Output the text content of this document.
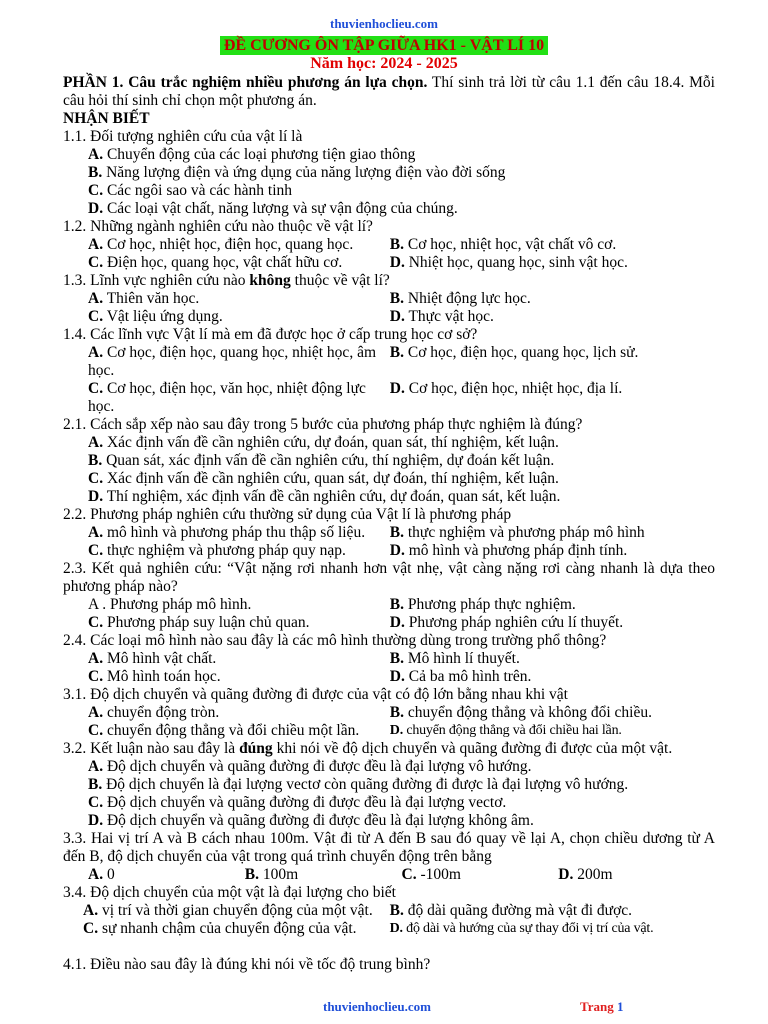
thuvienhoclieu.com
ĐỀ CƯƠNG ÔN TẬP GIỮA HK1 - VẬT LÍ 10
Năm học: 2024 - 2025

PHẦN 1. Câu trắc nghiệm nhiều phương án lựa chọn. Thí sinh trả lời từ câu 1.1 đến câu 18.4. Mỗi câu hỏi thí sinh chỉ chọn một phương án.

NHẬN BIẾT

1.1. Đối tượng nghiên cứu của vật lí là

A. Chuyển động của các loại phương tiện giao thông

B. Năng lượng điện và ứng dụng của năng lượng điện vào đời sống

C. Các ngôi sao và các hành tinh

D. Các loại vật chất, năng lượng và sự vận động của chúng.

1.2. Những ngành nghiên cứu nào thuộc về vật lí?

A. Cơ học, nhiệt học, điện học, quang học.	B. Cơ học, nhiệt học, vật chất vô cơ.
C. Điện học, quang học, vật chất hữu cơ.	D. Nhiệt học, quang học, sinh vật học.

1.3. Lĩnh vực nghiên cứu nào không thuộc về vật lí?

A. Thiên văn học.	B. Nhiệt động lực học.
C. Vật liệu ứng dụng.	D. Thực vật học.

1.4. Các lĩnh vực Vật lí mà em đã được học ở cấp trung học cơ sở?

A. Cơ học, điện học, quang học, nhiệt học, âm học.
B. Cơ học, điện học, quang học, lịch sử.
C. Cơ học, điện học, văn học, nhiệt động lực học.
D. Cơ học, điện học, nhiệt học, địa lí.

2.1. Cách sắp xếp nào sau đây trong 5 bước của phương pháp thực nghiệm là đúng?

A. Xác định vấn đề cần nghiên cứu, dự đoán, quan sát, thí nghiệm, kết luận.

B. Quan sát, xác định vấn đề cần nghiên cứu, thí nghiệm, dự đoán kết luận.

C. Xác định vấn đề cần nghiên cứu, quan sát, dự đoán, thí nghiệm, kết luận.

D. Thí nghiệm, xác định vấn đề cần nghiên cứu, dự đoán, quan sát, kết luận.

2.2. Phương pháp nghiên cứu thường sử dụng của Vật lí là phương pháp

A. mô hình và phương pháp thu thập số liệu.	B. thực nghiệm và phương pháp mô hình
C. thực nghiệm và phương pháp quy nạp.	D. mô hình và phương pháp định tính.

2.3. Kết quả nghiên cứu: “Vật nặng rơi nhanh hơn vật nhẹ, vật càng nặng rơi càng nhanh là dựa theo phương pháp nào?

A . Phương pháp mô hình.	B. Phương pháp thực nghiệm.
C. Phương pháp suy luận chủ quan.	D. Phương pháp nghiên cứu lí thuyết.

2.4. Các loại mô hình nào sau đây là các mô hình thường dùng trong trường phổ thông?

A. Mô hình vật chất.	B. Mô hình lí thuyết.
C. Mô hình toán học.	D. Cả ba mô hình trên.

3.1. Độ dịch chuyển và quãng đường đi được của vật có độ lớn bằng nhau khi vật

A. chuyển động tròn.	B. chuyển động thẳng và không đổi chiều.
C. chuyển động thẳng và đổi chiều một lần.	D. chuyển động thẳng và đổi chiều hai lần.

3.2. Kết luận nào sau đây là đúng khi nói về độ dịch chuyển và quãng đường đi được của một vật.

A. Độ dịch chuyển và quãng đường đi được đều là đại lượng vô hướng.

B. Độ dịch chuyển là đại lượng vectơ còn quãng đường đi được là đại lượng vô hướng.

C. Độ dịch chuyển và quãng đường đi được đều là đại lượng vectơ.

D. Độ dịch chuyển và quãng đường đi được đều là đại lượng không âm.

3.3. Hai vị trí A và B cách nhau 100m. Vật đi từ A đến B sau đó quay về lại A, chọn chiều dương từ A đến B, độ dịch chuyển của vật trong quá trình chuyển động trên bằng

A. 0	B. 100m	C. -100m	D. 200m

3.4. Độ dịch chuyển của một vật là đại lượng cho biết

A. vị trí và thời gian chuyển động của một vật.	B. độ dài quãng đường mà vật đi được.
C. sự nhanh chậm của chuyển động của vật.	D. độ dài và hướng của sự thay đổi vị trí của vật.

4.1. Điều nào sau đây là đúng khi nói về tốc độ trung bình?

thuvienhoclieu.com	Trang 1
